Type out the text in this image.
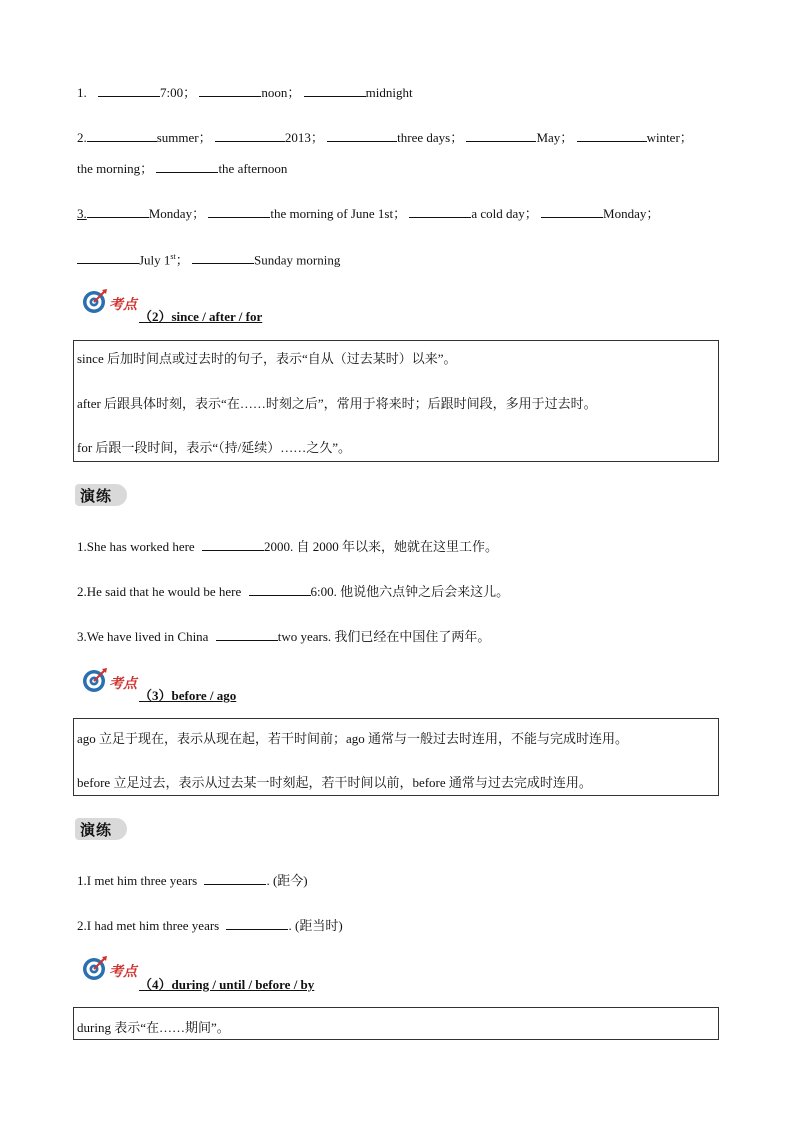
1.	7:00；	noon；	midnight
2.	summer；	2013；	three days；	May；	winter；
the morning；	the afternoon
3.	Monday；	the morning of June 1st；	a cold day；	Monday；
July 1st；	Sunday morning
考点
（2）since / after / for

since 后加时间点或过去时的句子，表示“自从（过去某时）以来”。

after 后跟具体时刻，表示“在……时刻之后”，常用于将来时；后跟时间段，多用于过去时。

for 后跟一段时间，表示“（持/延续）……之久”。

演练
1.She has worked here	2000. 自 2000 年以来，她就在这里工作。
2.He said that he would be here	6:00. 他说他六点钟之后会来这儿。
3.We have lived in China	two years. 我们已经在中国住了两年。
考点
（3）before / ago

ago 立足于现在，表示从现在起，若干时间前；ago 通常与一般过去时连用，不能与完成时连用。

before 立足过去，表示从过去某一时刻起，若干时间以前，before 通常与过去完成时连用。

演练
1.I met him three years	. (距今)
2.I had met him three years	. (距当时)
考点
（4）during / until / before / by

during 表示“在……期间”。
